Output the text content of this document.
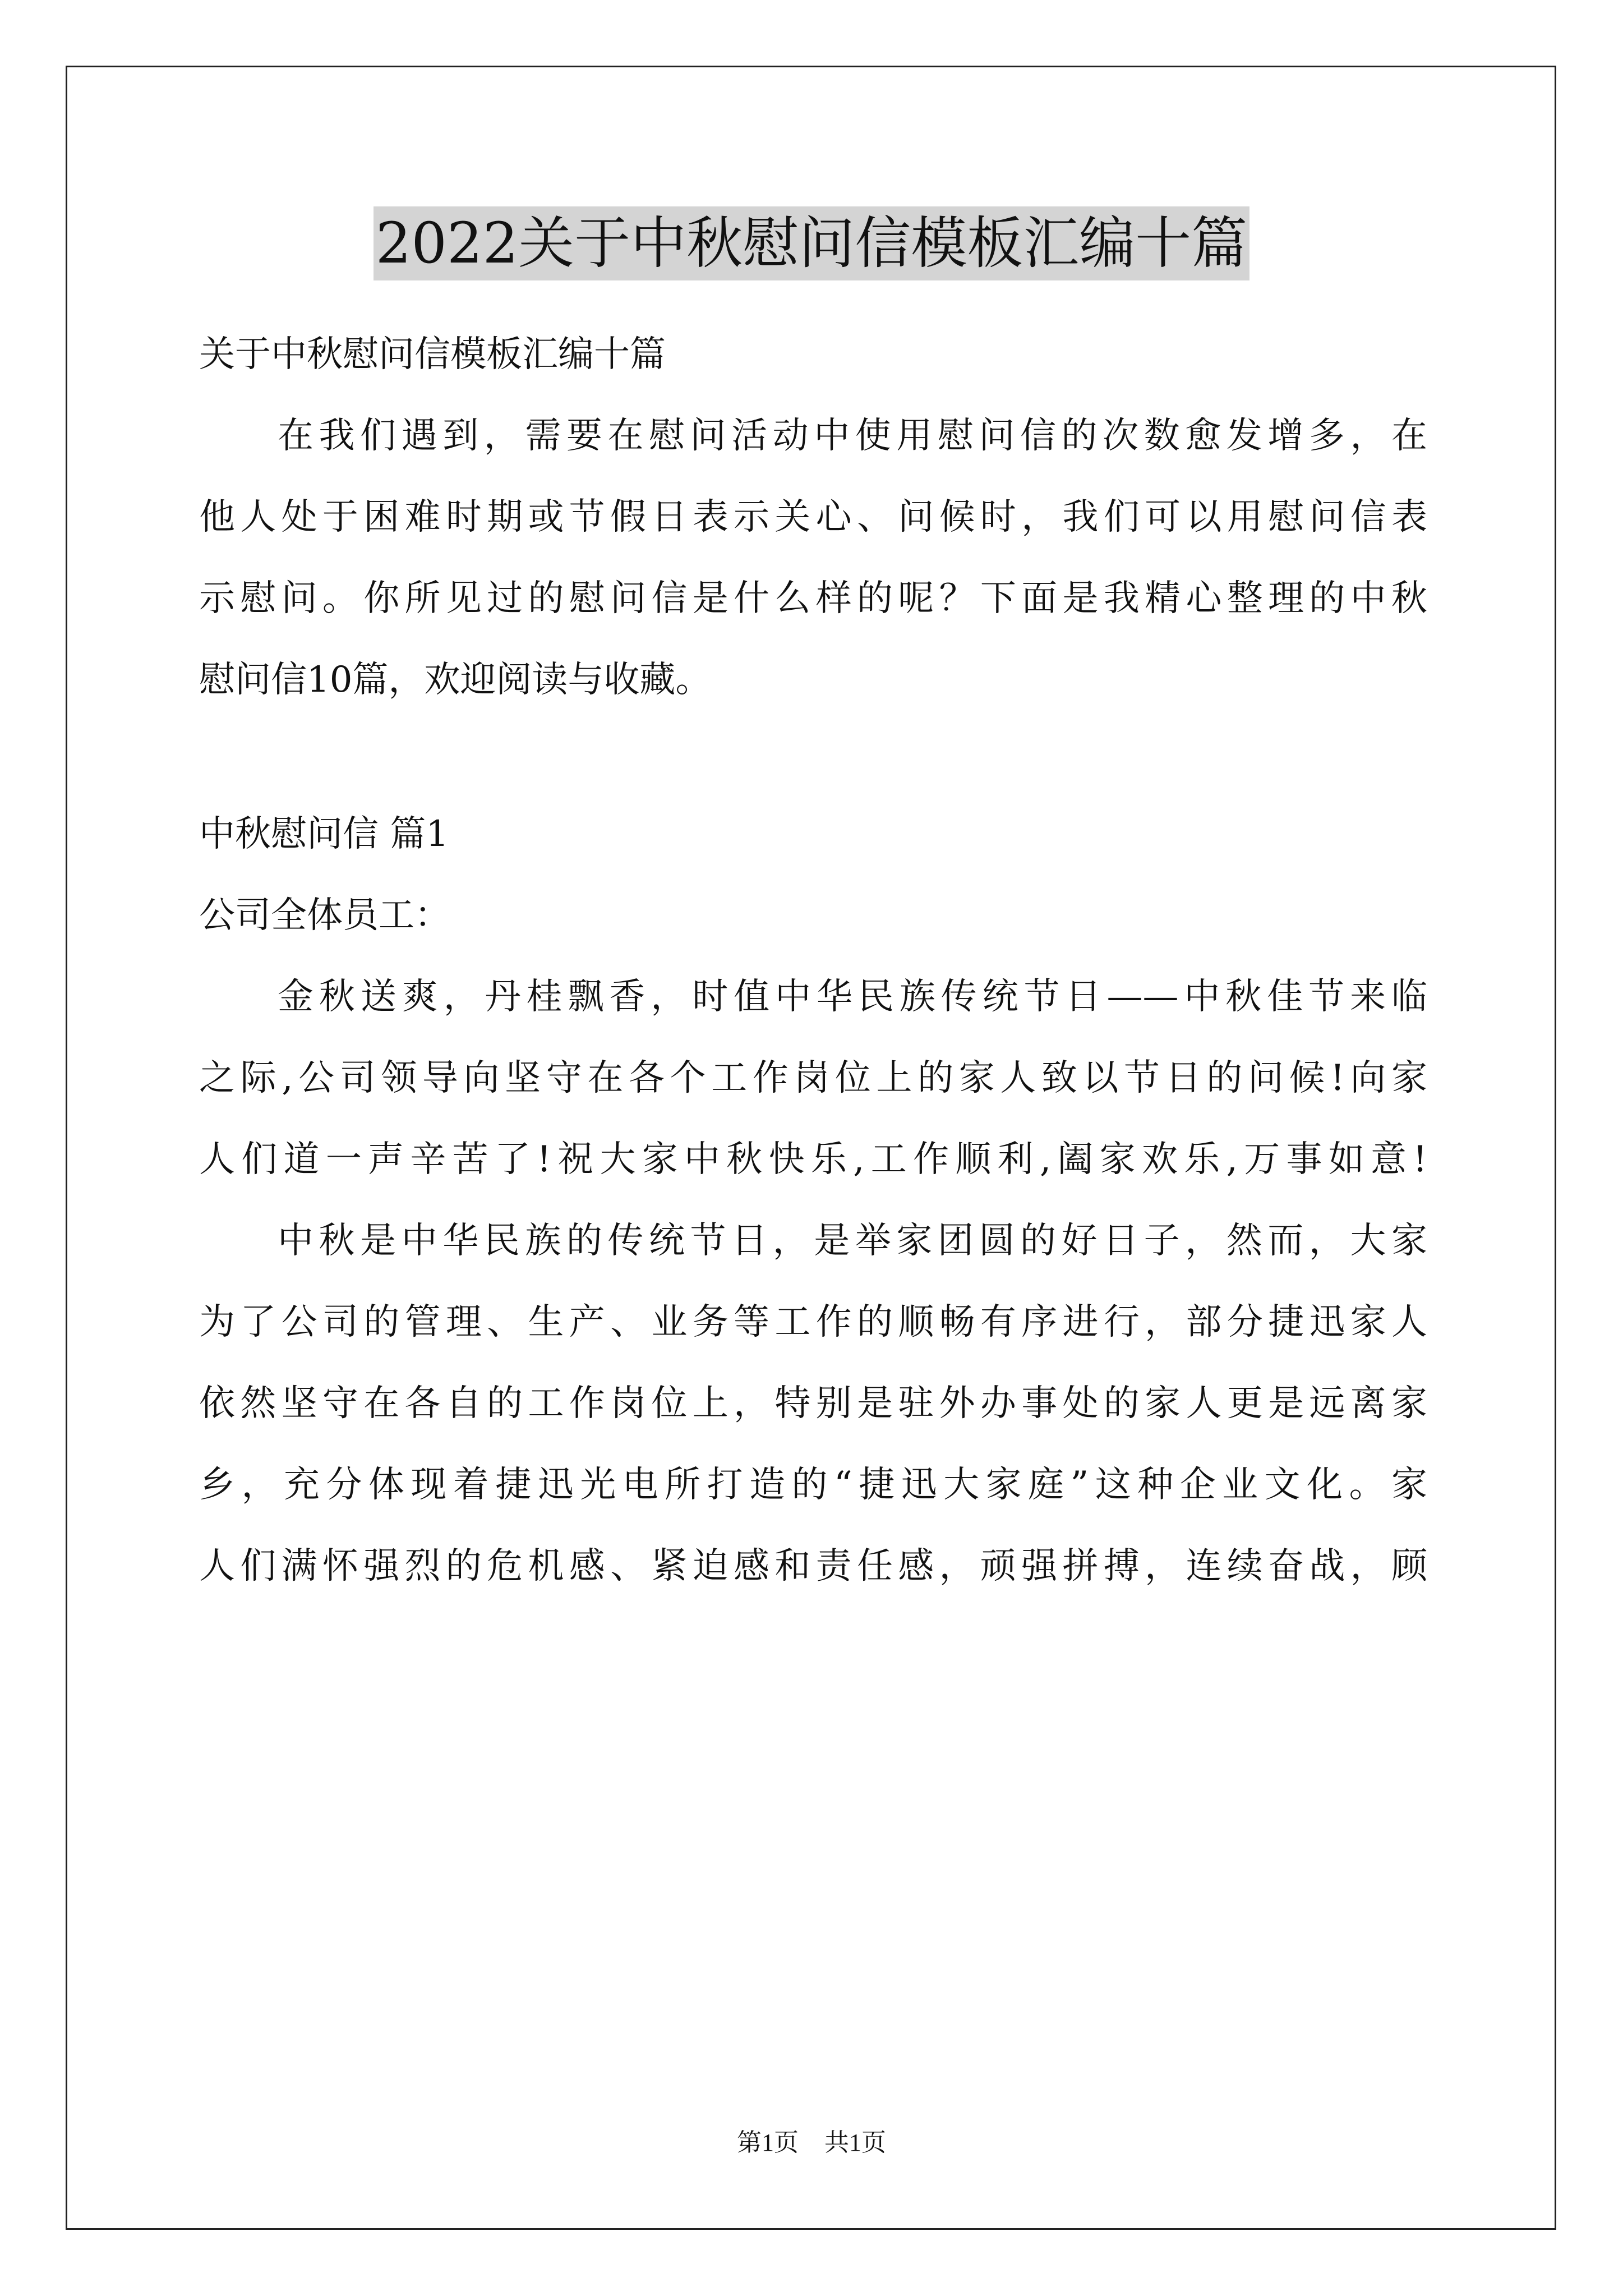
2022关于中秋慰问信模板汇编十篇

关于中秋慰问信模板汇编十篇

在我们遇到，需要在慰问活动中使用慰问信的次数愈发增多，在

他人处于困难时期或节假日表示关心、问候时，我们可以用慰问信表

示慰问。你所见过的慰问信是什么样的呢？下面是我精心整理的中秋

慰问信10篇，欢迎阅读与收藏。

中秋慰问信 篇1

公司全体员工：

金秋送爽，丹桂飘香，时值中华民族传统节日——中秋佳节来临

之际,公司领导向坚守在各个工作岗位上的家人致以节日的问候!向家

人们道一声辛苦了!祝大家中秋快乐,工作顺利,阖家欢乐,万事如意!

中秋是中华民族的传统节日，是举家团圆的好日子，然而，大家

为了公司的管理、生产、业务等工作的顺畅有序进行，部分捷迅家人

依然坚守在各自的工作岗位上，特别是驻外办事处的家人更是远离家

乡，充分体现着捷迅光电所打造的“捷迅大家庭”这种企业文化。家

人们满怀强烈的危机感、紧迫感和责任感，顽强拼搏，连续奋战，顾

第1页 共1页
